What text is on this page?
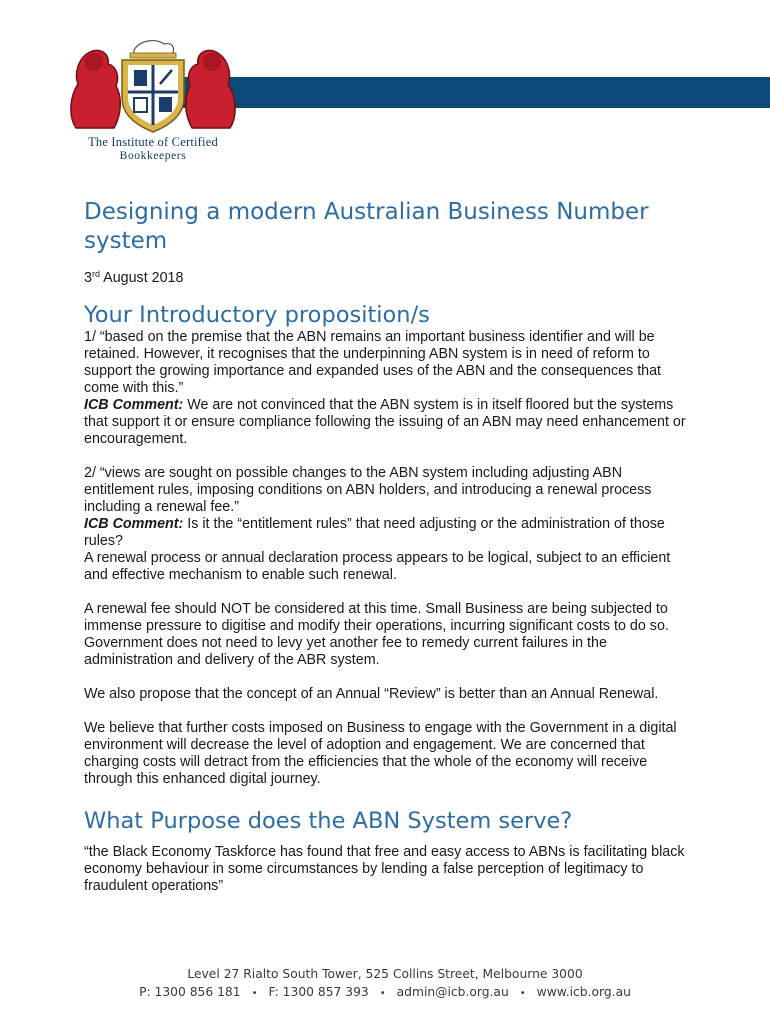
The Institute of Certified
Bookkeepers
Designing a modern Australian Business Number system

3rd August 2018

Your Introductory proposition/s

1/ “based on the premise that the ABN remains an important business identifier and will be retained. However, it recognises that the underpinning ABN system is in need of reform to support the growing importance and expanded uses of the ABN and the consequences that come with this.”

ICB Comment: We are not convinced that the ABN system is in itself floored but the systems that support it or ensure compliance following the issuing of an ABN may need enhancement or encouragement.

2/ “views are sought on possible changes to the ABN system including adjusting ABN entitlement rules, imposing conditions on ABN holders, and introducing a renewal process including a renewal fee.”

ICB Comment: Is it the “entitlement rules” that need adjusting or the administration of those rules?

A renewal process or annual declaration process appears to be logical, subject to an efficient and effective mechanism to enable such renewal.

A renewal fee should NOT be considered at this time. Small Business are being subjected to immense pressure to digitise and modify their operations, incurring significant costs to do so. Government does not need to levy yet another fee to remedy current failures in the administration and delivery of the ABR system.

We also propose that the concept of an Annual “Review” is better than an Annual Renewal.

We believe that further costs imposed on Business to engage with the Government in a digital environment will decrease the level of adoption and engagement. We are concerned that charging costs will detract from the efficiencies that the whole of the economy will receive through this enhanced digital journey.

What Purpose does the ABN System serve?

“the Black Economy Taskforce has found that free and easy access to ABNs is facilitating black economy behaviour in some circumstances by lending a false perception of legitimacy to fraudulent operations”

Level 27 Rialto South Tower, 525 Collins Street, Melbourne 3000
P: 1300 856 181 • F: 1300 857 393 • admin@icb.org.au • www.icb.org.au
